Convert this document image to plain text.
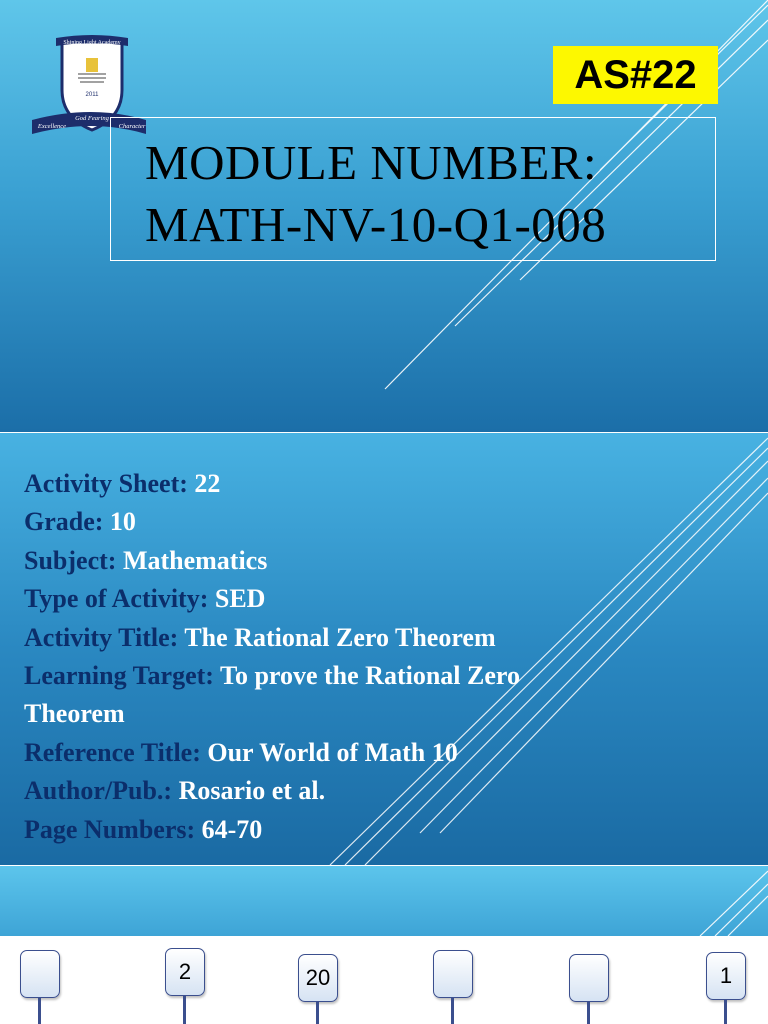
Shining Light Academy
2011
Excellence
God Fearing
Character
AS#22
MODULE NUMBER:
MATH-NV-10-Q1-008
Activity Sheet: 22
Grade: 10
Subject: Mathematics
Type of Activity: SED
Activity Title: The Rational Zero Theorem
Learning Target: To prove the Rational Zero
Theorem
Reference Title: Our World of Math 10
Author/Pub.: Rosario et al.
Page Numbers: 64-70
2	20	1
